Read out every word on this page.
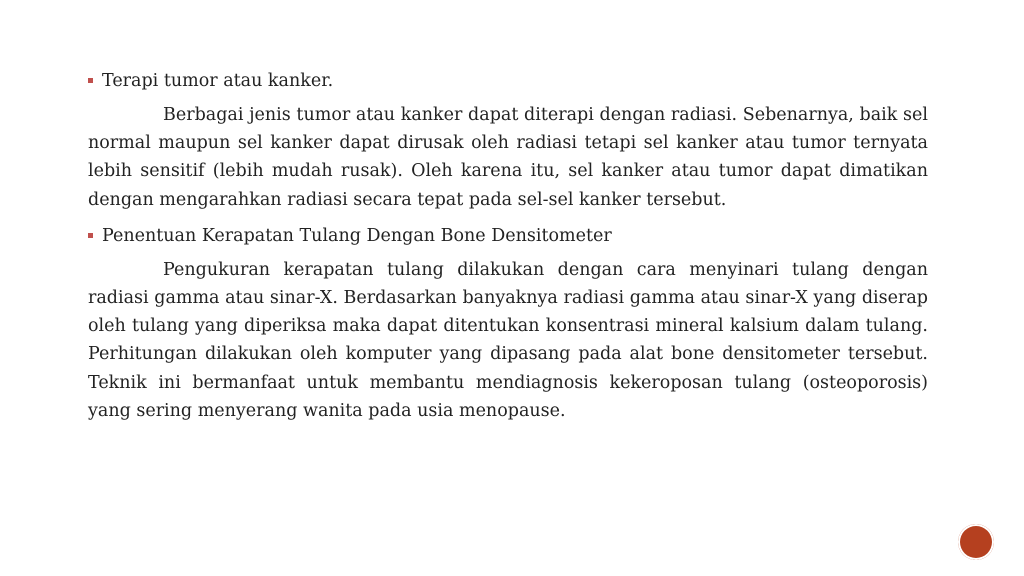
Terapi tumor atau kanker.

Berbagai jenis tumor atau kanker dapat diterapi dengan radiasi. Sebenarnya, baik sel normal maupun sel kanker dapat dirusak oleh radiasi tetapi sel kanker atau tumor ternyata lebih sensitif (lebih mudah rusak). Oleh karena itu, sel kanker atau tumor dapat dimatikan dengan mengarahkan radiasi secara tepat pada sel-sel kanker tersebut.

Penentuan Kerapatan Tulang Dengan Bone Densitometer

Pengukuran kerapatan tulang dilakukan dengan cara menyinari tulang dengan radiasi gamma atau sinar-X. Berdasarkan banyaknya radiasi gamma atau sinar-X yang diserap oleh tulang yang diperiksa maka dapat ditentukan konsentrasi mineral kalsium dalam tulang. Perhitungan dilakukan oleh komputer yang dipasang pada alat bone densitometer tersebut. Teknik ini bermanfaat untuk membantu mendiagnosis kekeroposan tulang (osteoporosis) yang sering menyerang wanita pada usia menopause.
